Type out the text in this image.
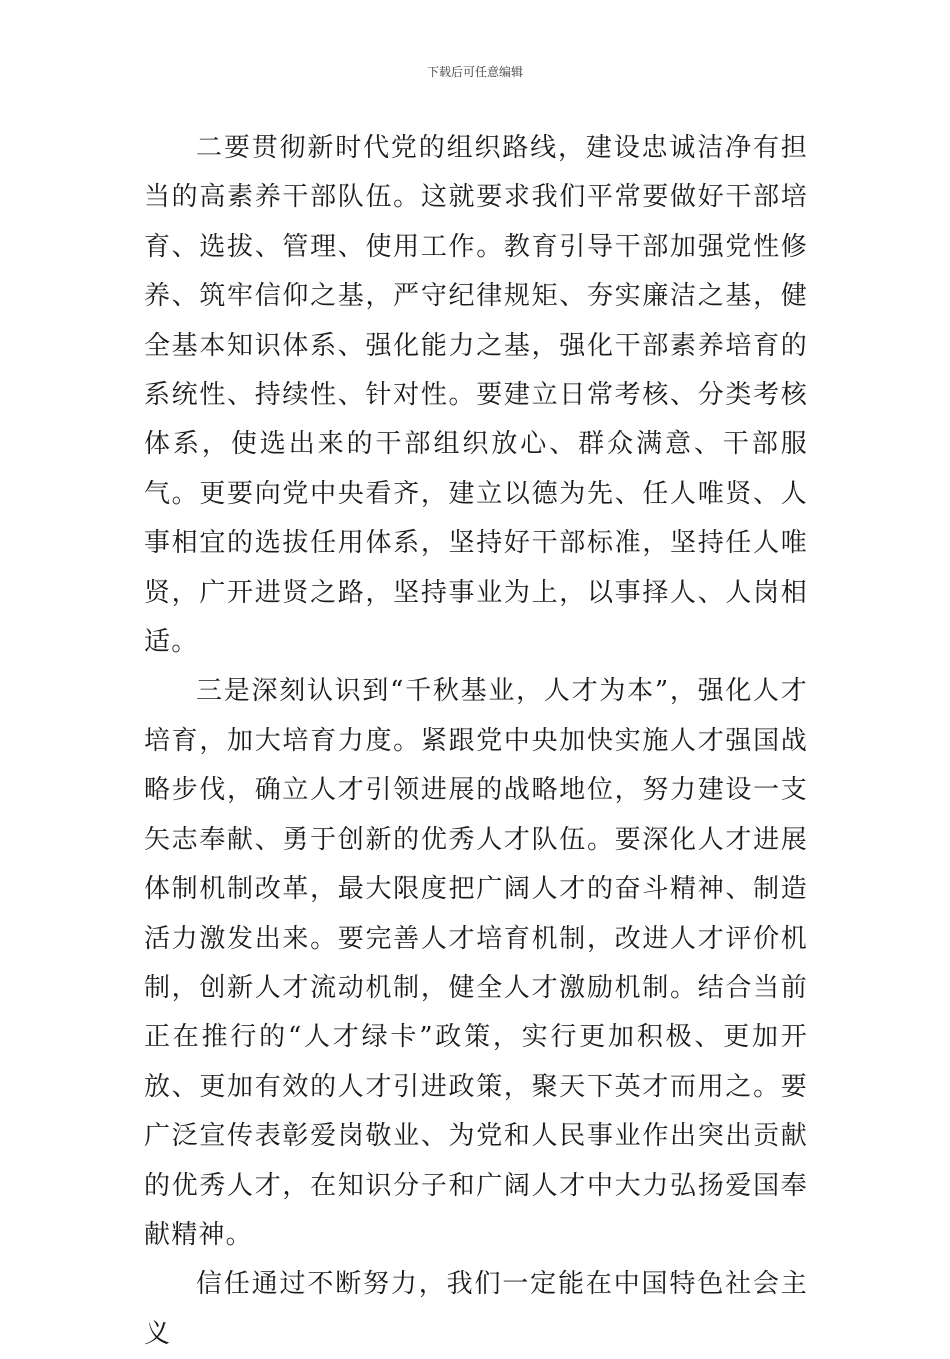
下载后可任意编辑

二要贯彻新时代党的组织路线，建设忠诚洁净有担当的高素养干部队伍。这就要求我们平常要做好干部培育、选拔、管理、使用工作。教育引导干部加强党性修养、筑牢信仰之基，严守纪律规矩、夯实廉洁之基，健全基本知识体系、强化能力之基，强化干部素养培育的系统性、持续性、针对性。要建立日常考核、分类考核体系，使选出来的干部组织放心、群众满意、干部服气。更要向党中央看齐，建立以德为先、任人唯贤、人事相宜的选拔任用体系，坚持好干部标准，坚持任人唯贤，广开进贤之路，坚持事业为上，以事择人、人岗相适。

三是深刻认识到“千秋基业，人才为本”，强化人才培育，加大培育力度。紧跟党中央加快实施人才强国战略步伐，确立人才引领进展的战略地位，努力建设一支矢志奉献、勇于创新的优秀人才队伍。要深化人才进展体制机制改革，最大限度把广阔人才的奋斗精神、制造活力激发出来。要完善人才培育机制，改进人才评价机制，创新人才流动机制，健全人才激励机制。结合当前正在推行的“人才绿卡”政策，实行更加积极、更加开放、更加有效的人才引进政策，聚天下英才而用之。要广泛宣传表彰爱岗敬业、为党和人民事业作出突出贡献的优秀人才，在知识分子和广阔人才中大力弘扬爱国奉献精神。

信任通过不断努力，我们一定能在中国特色社会主义
